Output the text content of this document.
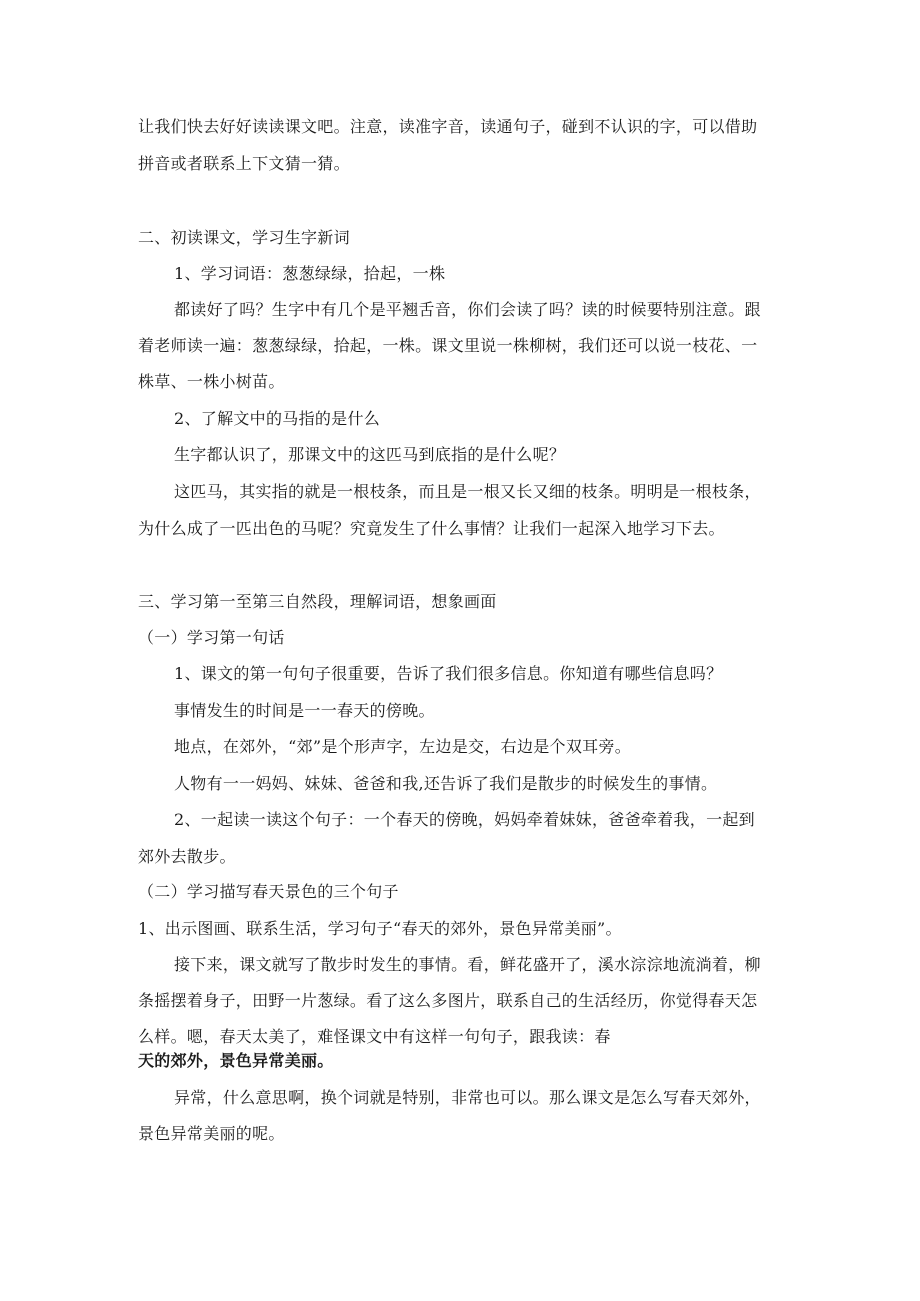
让我们快去好好读读课文吧。注意，读准字音，读通句子，碰到不认识的字，可以借助

拼音或者联系上下文猜一猜。

二、初读课文，学习生字新词

1、学习词语：葱葱绿绿，拾起，一株

都读好了吗？生字中有几个是平翘舌音，你们会读了吗？读的时候要特别注意。跟

着老师读一遍：葱葱绿绿，拾起，一株。课文里说一株柳树，我们还可以说一枝花、一

株草、一株小树苗。

2、了解文中的马指的是什么

生字都认识了，那课文中的这匹马到底指的是什么呢？

这匹马，其实指的就是一根枝条，而且是一根又长又细的枝条。明明是一根枝条，

为什么成了一匹出色的马呢？究竟发生了什么事情？让我们一起深入地学习下去。

三、学习第一至第三自然段，理解词语，想象画面

（一）学习第一句话

1、课文的第一句句子很重要，告诉了我们很多信息。你知道有哪些信息吗？

事情发生的时间是一一春天的傍晚。

地点，在郊外，“郊”是个形声字，左边是交，右边是个双耳旁。

人物有一一妈妈、妹妹、爸爸和我,还告诉了我们是散步的时候发生的事情。

2、一起读一读这个句子：一个春天的傍晚，妈妈牵着妹妹，爸爸牵着我，一起到

郊外去散步。

（二）学习描写春天景色的三个句子

1、出示图画、联系生活，学习句子“春天的郊外，景色异常美丽”。

接下来，课文就写了散步时发生的事情。看，鲜花盛开了，溪水淙淙地流淌着，柳

条摇摆着身子，田野一片葱绿。看了这么多图片，联系自己的生活经历，你觉得春天怎

么样。嗯，春天太美了，难怪课文中有这样一句句子，跟我读：春

天的郊外，景色异常美丽。

异常，什么意思啊，换个词就是特别，非常也可以。那么课文是怎么写春天郊外，

景色异常美丽的呢。
